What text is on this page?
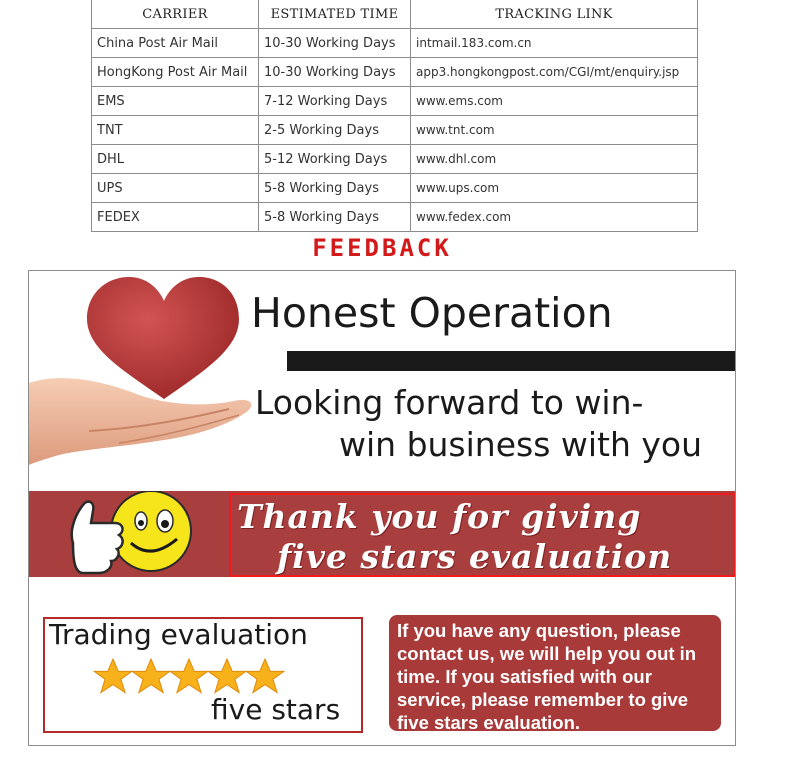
CARRIER	ESTIMATED TIME	TRACKING LINK
China Post Air Mail	10-30 Working Days	intmail.183.com.cn
HongKong Post Air Mail	10-30 Working Days	app3.hongkongpost.com/CGI/mt/enquiry.jsp
EMS	7-12 Working Days	www.ems.com
TNT	2-5 Working Days	www.tnt.com
DHL	5-12 Working Days	www.dhl.com
UPS	5-8 Working Days	www.ups.com
FEDEX	5-8 Working Days	www.fedex.com
FEEDBACK
Honest Operation
Looking forward to win-
win business with you
Thank you for giving
five stars evaluation
Trading evaluation
five stars
If you have any question, please contact us, we will help you out in time. If you satisfied with our service, please remember to give five stars evaluation.
